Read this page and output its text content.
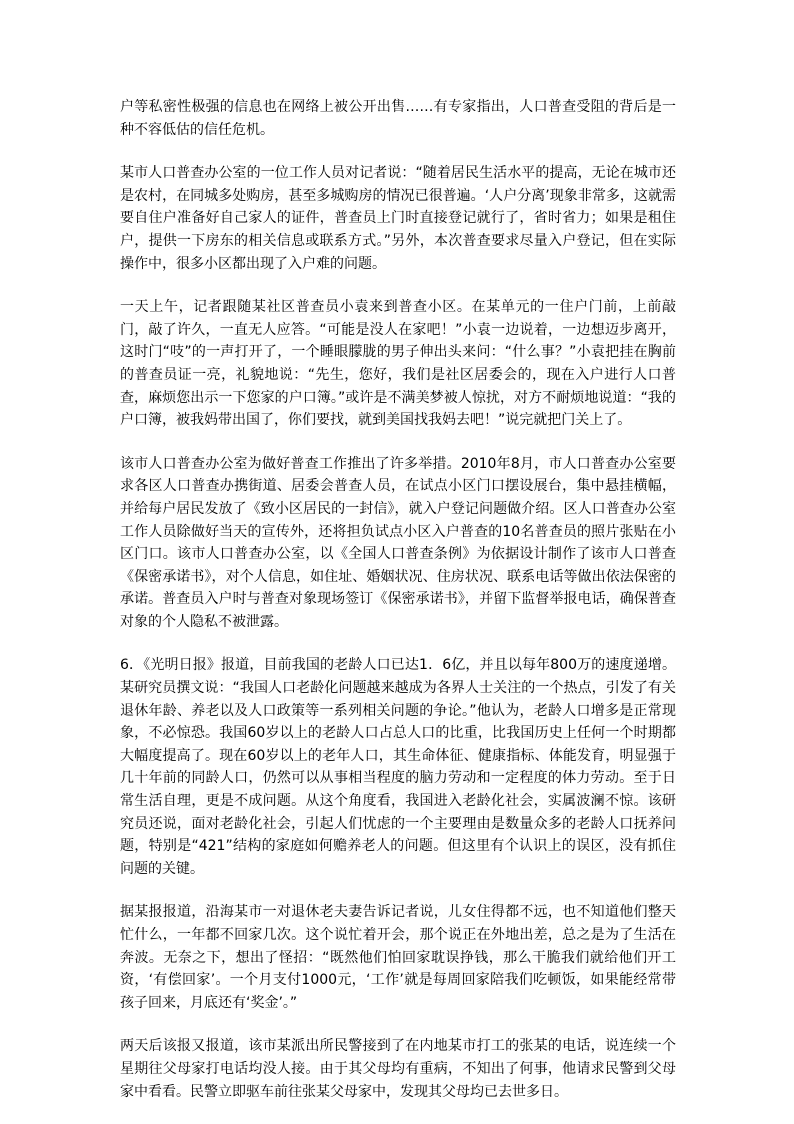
户等私密性极强的信息也在网络上被公开出售……有专家指出，人口普查受阻的背后是一种不容低估的信任危机。

某市人口普查办公室的一位工作人员对记者说：“随着居民生活水平的提高，无论在城市还是农村，在同城多处购房，甚至多城购房的情况已很普遍。‘人户分离’现象非常多，这就需要自住户准备好自己家人的证件，普查员上门时直接登记就行了，省时省力；如果是租住户，提供一下房东的相关信息或联系方式。”另外，本次普查要求尽量入户登记，但在实际操作中，很多小区都出现了入户难的问题。

一天上午，记者跟随某社区普查员小袁来到普查小区。在某单元的一住户门前，上前敲门，敲了许久，一直无人应答。“可能是没人在家吧！”小袁一边说着，一边想迈步离开，这时门“吱”的一声打开了，一个睡眼朦胧的男子伸出头来问：“什么事？”小袁把挂在胸前的普查员证一亮，礼貌地说：“先生，您好，我们是社区居委会的，现在入户进行人口普查，麻烦您出示一下您家的户口簿。”或许是不满美梦被人惊扰，对方不耐烦地说道：“我的户口簿，被我妈带出国了，你们要找，就到美国找我妈去吧！”说完就把门关上了。

该市人口普查办公室为做好普查工作推出了许多举措。2010年8月，市人口普查办公室要求各区人口普查办携街道、居委会普查人员，在试点小区门口摆设展台，集中悬挂横幅，并给每户居民发放了《致小区居民的一封信》，就入户登记问题做介绍。区人口普查办公室工作人员除做好当天的宣传外，还将担负试点小区入户普查的10名普查员的照片张贴在小区门口。该市人口普查办公室，以《全国人口普查条例》为依据设计制作了该市人口普查《保密承诺书》，对个人信息，如住址、婚姻状况、住房状况、联系电话等做出依法保密的承诺。普查员入户时与普查对象现场签订《保密承诺书》，并留下监督举报电话，确保普查对象的个人隐私不被泄露。

6．《光明日报》报道，目前我国的老龄人口已达1．6亿，并且以每年800万的速度递增。某研究员撰文说：“我国人口老龄化问题越来越成为各界人士关注的一个热点，引发了有关退休年龄、养老以及人口政策等一系列相关问题的争论。”他认为，老龄人口增多是正常现象，不必惊恐。我国60岁以上的老龄人口占总人口的比重，比我国历史上任何一个时期都大幅度提高了。现在60岁以上的老年人口，其生命体征、健康指标、体能发育，明显强于几十年前的同龄人口，仍然可以从事相当程度的脑力劳动和一定程度的体力劳动。至于日常生活自理，更是不成问题。从这个角度看，我国进入老龄化社会，实属波澜不惊。该研究员还说，面对老龄化社会，引起人们忧虑的一个主要理由是数量众多的老龄人口抚养问题，特别是“421”结构的家庭如何赡养老人的问题。但这里有个认识上的误区，没有抓住问题的关键。

据某报报道，沿海某市一对退休老夫妻告诉记者说，儿女住得都不远，也不知道他们整天忙什么，一年都不回家几次。这个说忙着开会，那个说正在外地出差，总之是为了生活在奔波。无奈之下，想出了怪招：“既然他们怕回家耽误挣钱，那么干脆我们就给他们开工资，‘有偿回家’。一个月支付1000元，‘工作’就是每周回家陪我们吃顿饭，如果能经常带孩子回来，月底还有‘奖金’。”

两天后该报又报道，该市某派出所民警接到了在内地某市打工的张某的电话，说连续一个星期往父母家打电话均没人接。由于其父母均有重病，不知出了何事，他请求民警到父母家中看看。民警立即驱车前往张某父母家中，发现其父母均已去世多日。
